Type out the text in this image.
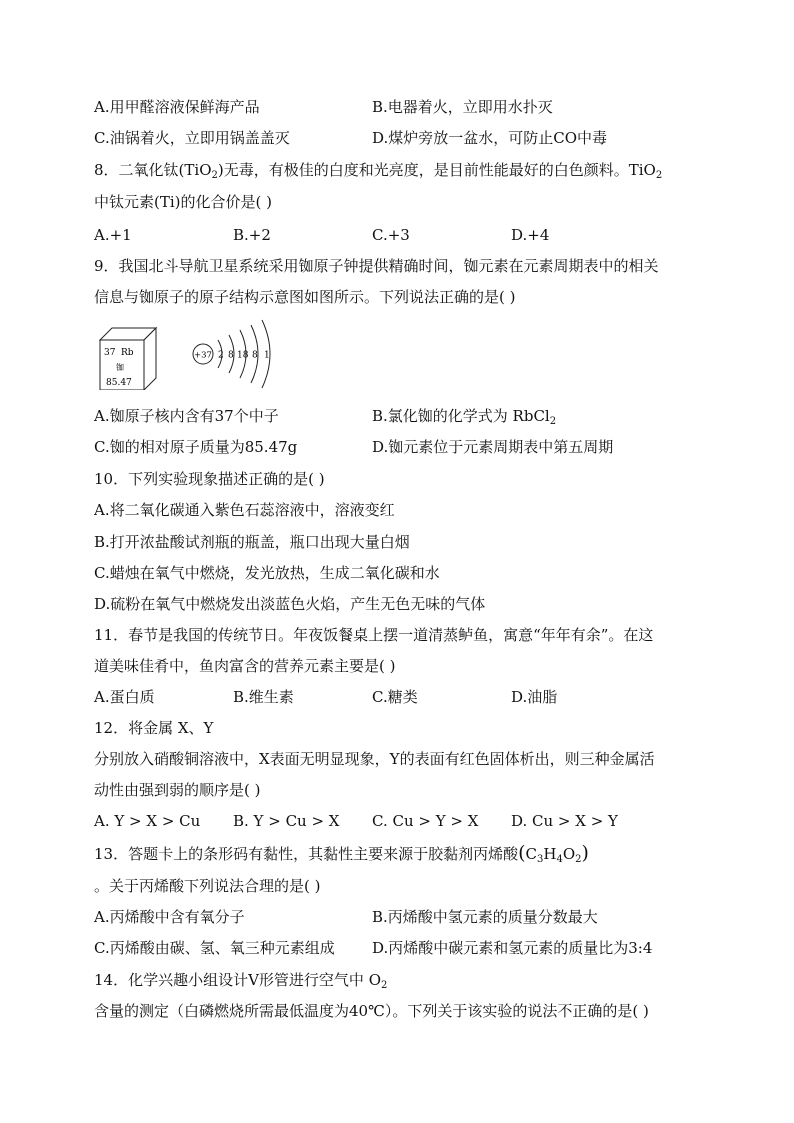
A.用甲醛溶液保鲜海产品	B.电器着火，立即用水扑灭
C.油锅着火，立即用锅盖盖灭	D.煤炉旁放一盆水，可防止CO中毒
8．二氧化钛(TiO$_2$)无毒，有极佳的白度和光亮度，是目前性能最好的白色颜料。TiO$_2$
中钛元素(Ti)的化合价是( )
A.+1	B.+2	C.+3	D.+4
9．我国北斗导航卫星系统采用铷原子钟提供精确时间，铷元素在元素周期表中的相关
信息与铷原子的原子结构示意图如图所示。下列说法正确的是( )
37 Rb
铷
85.47
+37 2 8 18 8 1
A.铷原子核内含有37个中子	B.氯化铷的化学式为 RbCl$_2$
C.铷的相对原子质量为85.47g	D.铷元素位于元素周期表中第五周期
10．下列实验现象描述正确的是( )
A.将二氧化碳通入紫色石蕊溶液中，溶液变红
B.打开浓盐酸试剂瓶的瓶盖，瓶口出现大量白烟
C.蜡烛在氧气中燃烧，发光放热，生成二氧化碳和水
D.硫粉在氧气中燃烧发出淡蓝色火焰，产生无色无味的气体
11．春节是我国的传统节日。年夜饭餐桌上摆一道清蒸鲈鱼，寓意“年年有余”。在这
道美味佳肴中，鱼肉富含的营养元素主要是( )
A.蛋白质	B.维生素	C.糖类	D.油脂
12．将金属 X、Y
分别放入硝酸铜溶液中，X表面无明显现象，Y的表面有红色固体析出，则三种金属活
动性由强到弱的顺序是( )
A. Y > X > Cu B. Y > Cu > X C. Cu > Y > X D. Cu > X > Y
13．答题卡上的条形码有黏性，其黏性主要来源于胶黏剂丙烯酸$(C_3H_4O_2)$
。关于丙烯酸下列说法合理的是( )
A.丙烯酸中含有氧分子	B.丙烯酸中氢元素的质量分数最大
C.丙烯酸由碳、氢、氧三种元素组成 D.丙烯酸中碳元素和氢元素的质量比为3:4
14．化学兴趣小组设计V形管进行空气中 $O_2$
含量的测定（白磷燃烧所需最低温度为40℃）。下列关于该实验的说法不正确的是( )
